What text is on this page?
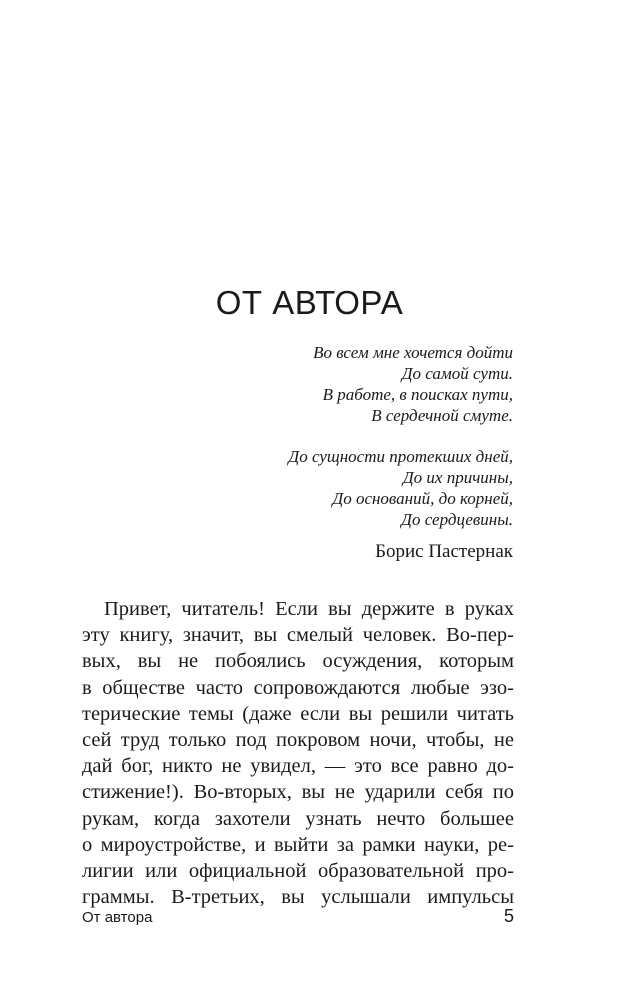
ОТ АВТОРА

Во всем мне хочется дойти
До самой сути.
В работе, в поисках пути,
В сердечной смуте.

До сущности протекших дней,
До их причины,
До оснований, до корней,
До сердцевины.

Борис Пастернак

Привет, читатель! Если вы держите в руках
эту книгу, значит, вы смелый человек. Во-пер-
вых, вы не побоялись осуждения, которым
в обществе часто сопровождаются любые эзо-
терические темы (даже если вы решили читать
сей труд только под покровом ночи, чтобы, не
дай бог, никто не увидел, — это все равно до-
стижение!). Во-вторых, вы не ударили себя по
рукам, когда захотели узнать нечто большее
о мироустройстве, и выйти за рамки науки, ре-
лигии или официальной образовательной про-
граммы. В-третьих, вы услышали импульсы
От автора	5
